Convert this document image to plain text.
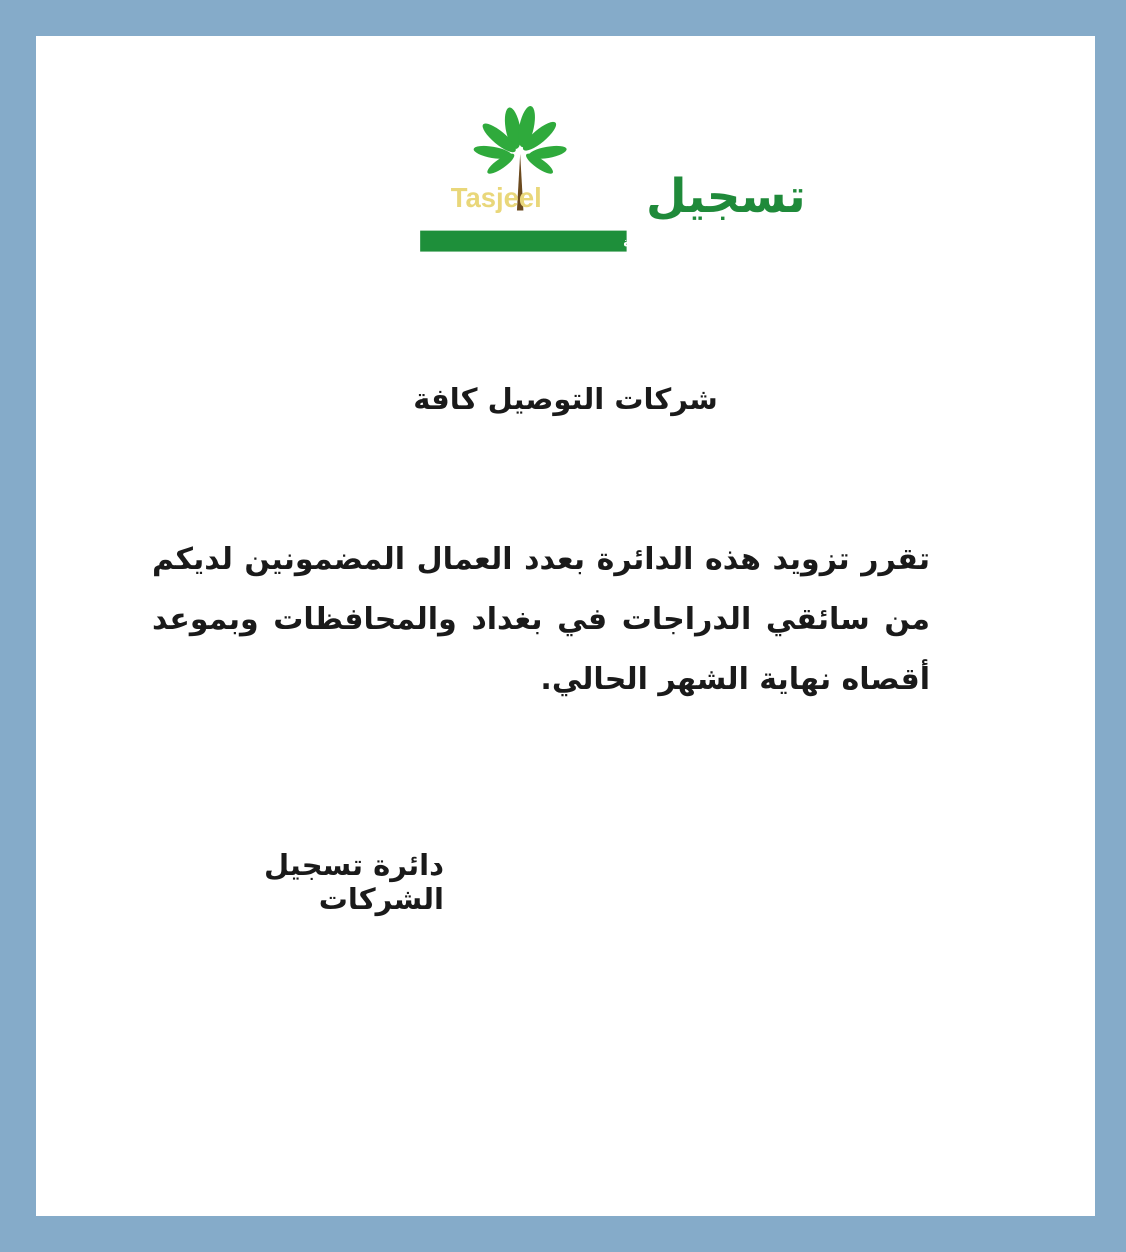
Tasjeel تسجيل
دائرة تسجيل الشركات - وزارة التجارة
شركات التوصيل كافة
تقرر تزويد هذه الدائرة بعدد العمال المضمونين لديكم من سائقي الدراجات في بغداد والمحافظات وبموعد أقصاه نهاية الشهر الحالي.
دائرة تسجيل الشركات
